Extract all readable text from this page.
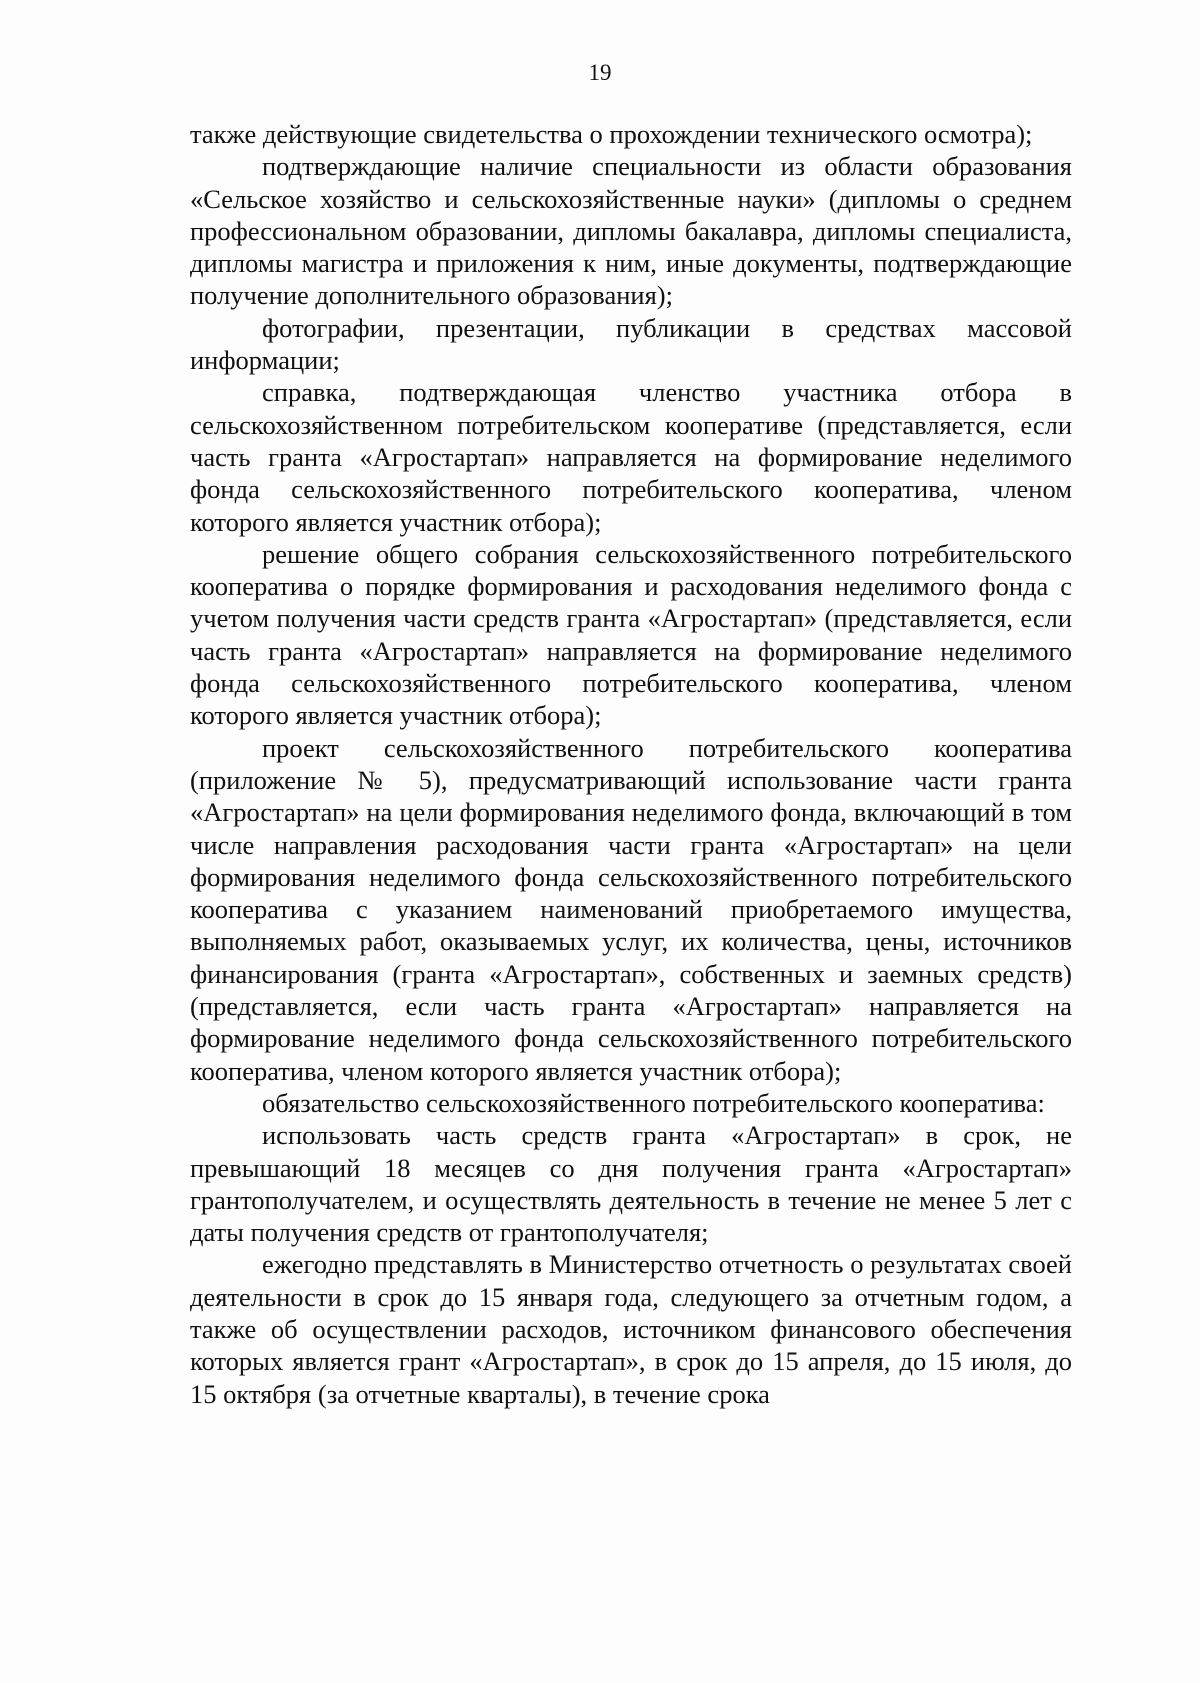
19

также действующие свидетельства о прохождении технического осмотра);

подтверждающие наличие специальности из области образования «Сельское хозяйство и сельскохозяйственные науки» (дипломы о среднем профессиональном образовании, дипломы бакалавра, дипломы специалиста, дипломы магистра и приложения к ним, иные документы, подтверждающие получение дополнительного образования);

фотографии, презентации, публикации в средствах массовой информации;

справка, подтверждающая членство участника отбора в сельскохозяйственном потребительском кооперативе (представляется, если часть гранта «Агростартап» направляется на формирование неделимого фонда сельскохозяйственного потребительского кооператива, членом которого является участник отбора);

решение общего собрания сельскохозяйственного потребительского кооператива о порядке формирования и расходования неделимого фонда с учетом получения части средств гранта «Агростартап» (представляется, если часть гранта «Агростартап» направляется на формирование неделимого фонда сельскохозяйственного потребительского кооператива, членом которого является участник отбора);

проект сельскохозяйственного потребительского кооператива (приложение № 5), предусматривающий использование части гранта «Агростартап» на цели формирования неделимого фонда, включающий в том числе направления расходования части гранта «Агростартап» на цели формирования неделимого фонда сельскохозяйственного потребительского кооператива с указанием наименований приобретаемого имущества, выполняемых работ, оказываемых услуг, их количества, цены, источников финансирования (гранта «Агростартап», собственных и заемных средств) (представляется, если часть гранта «Агростартап» направляется на формирование неделимого фонда сельскохозяйственного потребительского кооператива, членом которого является участник отбора);

обязательство сельскохозяйственного потребительского кооператива:

использовать часть средств гранта «Агростартап» в срок, не превышающий 18 месяцев со дня получения гранта «Агростартап» грантополучателем, и осуществлять деятельность в течение не менее 5 лет с даты получения средств от грантополучателя;

ежегодно представлять в Министерство отчетность о результатах своей деятельности в срок до 15 января года, следующего за отчетным годом, а также об осуществлении расходов, источником финансового обеспечения которых является грант «Агростартап», в срок до 15 апреля, до 15 июля, до 15 октября (за отчетные кварталы), в течение срока
